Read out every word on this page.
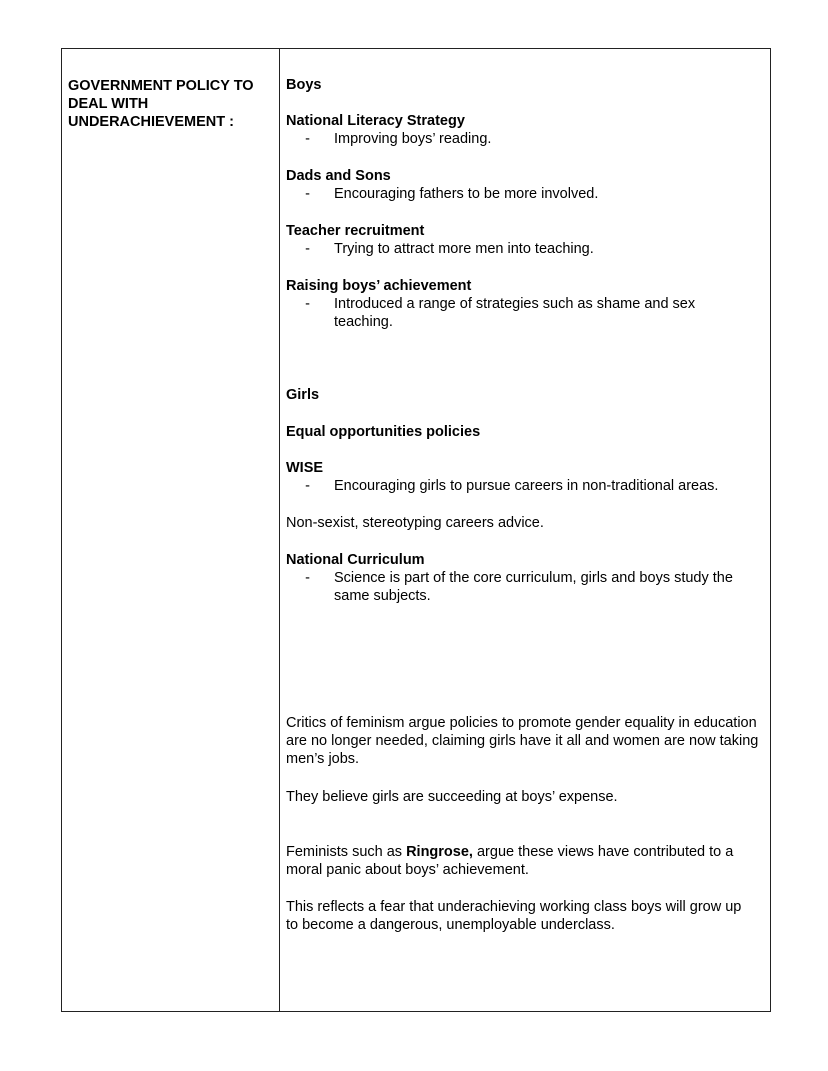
GOVERNMENT POLICY TO DEAL WITH UNDERACHIEVEMENT :
Boys
National Literacy Strategy
-	Improving boys’ reading.
Dads and Sons
-	Encouraging fathers to be more involved.
Teacher recruitment
-	Trying to attract more men into teaching.
Raising boys’ achievement
-	Introduced a range of strategies such as shame and sex teaching.
Girls
Equal opportunities policies
WISE
-	Encouraging girls to pursue careers in non-traditional areas.
Non-sexist, stereotyping careers advice.
National Curriculum
-	Science is part of the core curriculum, girls and boys study the same subjects.
Critics of feminism argue policies to promote gender equality in education are no longer needed, claiming girls have it all and women are now taking men’s jobs.
They believe girls are succeeding at boys’ expense.
Feminists such as Ringrose, argue these views have contributed to a moral panic about boys’ achievement.
This reflects a fear that underachieving working class boys will grow up to become a dangerous, unemployable underclass.
